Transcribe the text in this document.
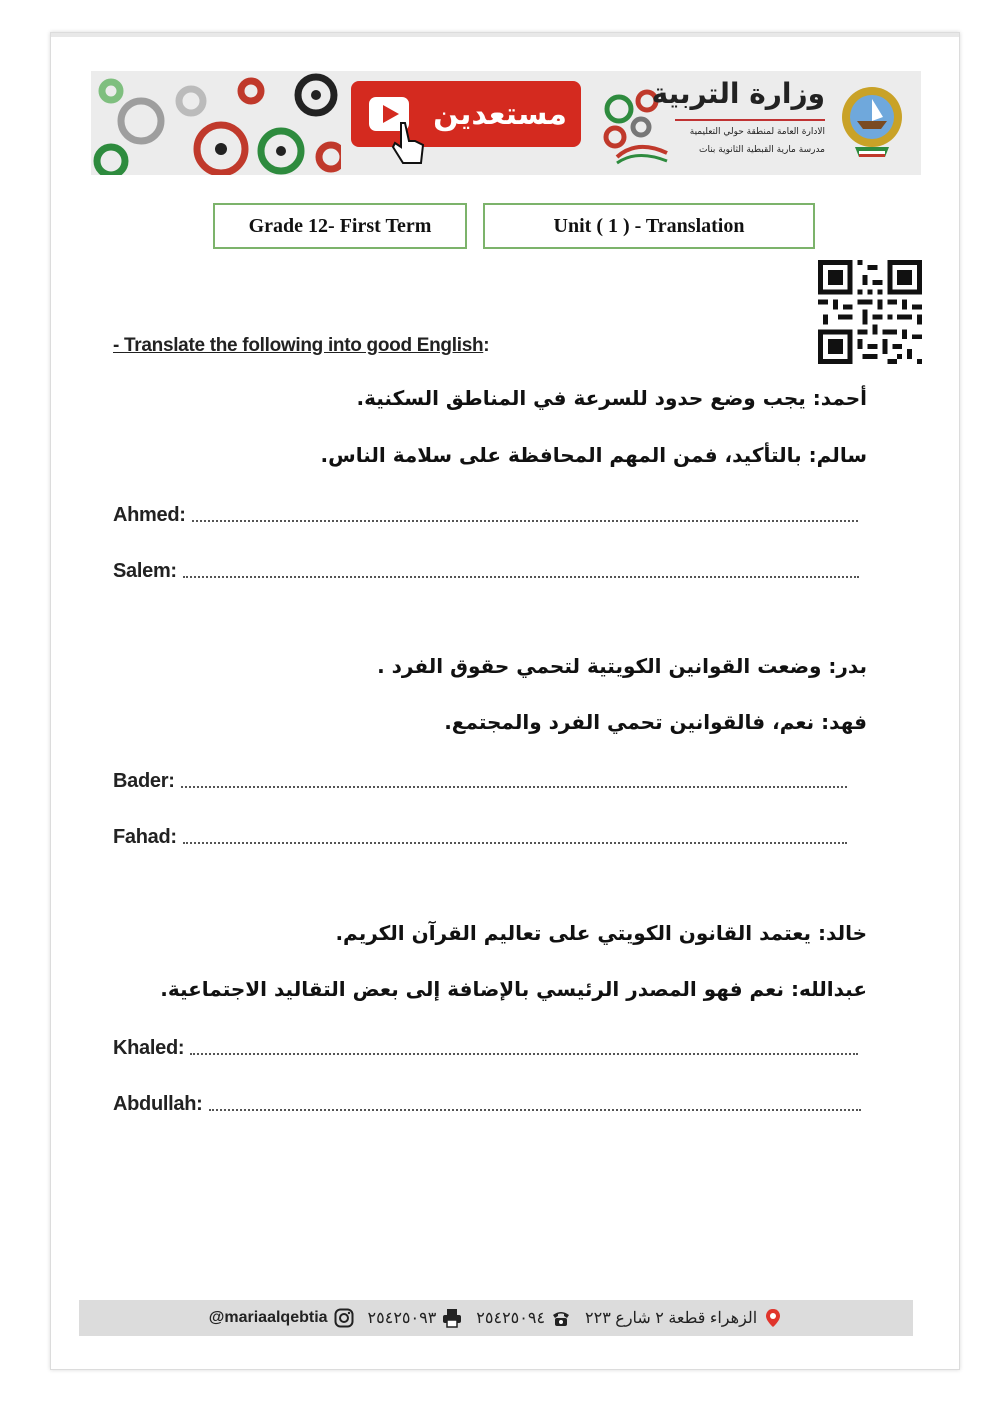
مستعدين
وزارة التربية
الادارة العامة لمنطقة حولي التعليمية
مدرسة مارية القبطية الثانوية بنات
Grade 12- First Term	Unit ( 1 ) - Translation
- Translate the following into good English:
أحمد: يجب وضع حدود للسرعة في المناطق السكنية.
سالم: بالتأكيد، فمن المهم المحافظة على سلامة الناس.
Ahmed:
Salem:
بدر: وضعت القوانين الكويتية لتحمي حقوق الفرد .
فهد: نعم، فالقوانين تحمي الفرد والمجتمع.
Bader:
Fahad:
خالد: يعتمد القانون الكويتي على تعاليم القرآن الكريم.
عبدالله: نعم فهو المصدر الرئيسي بالإضافة إلى بعض التقاليد الاجتماعية.
Khaled:
Abdullah:
@mariaalqebtia	٢٥٤٢٥٠٩٣	٢٥٤٢٥٠٩٤	الزهراء قطعة ٢ شارع ٢٢٣
